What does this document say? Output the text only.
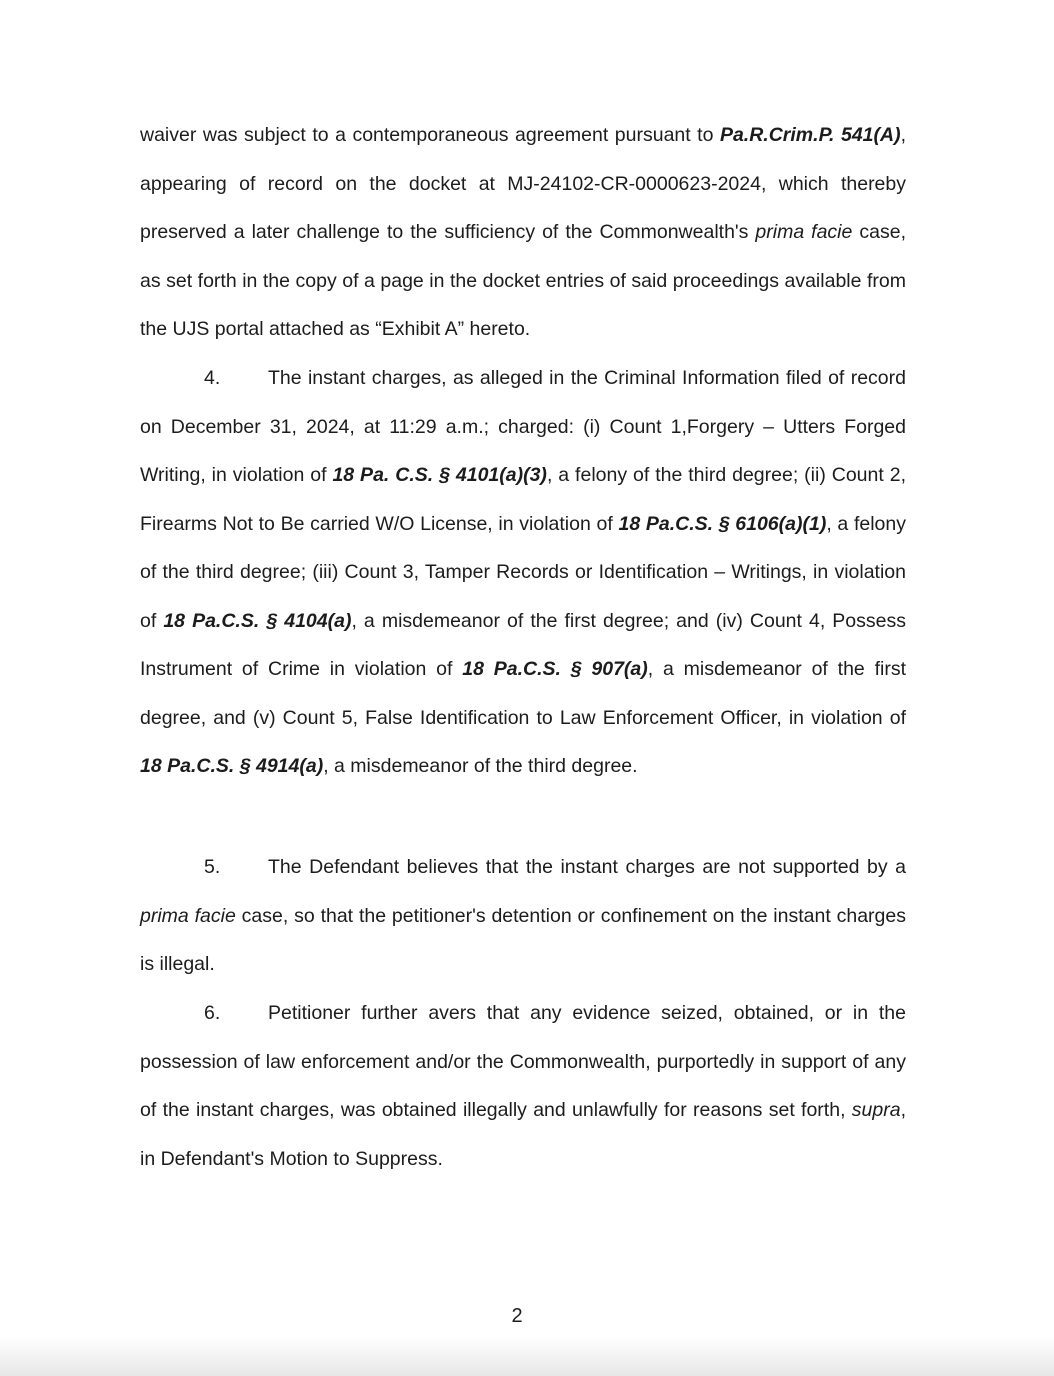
waiver was subject to a contemporaneous agreement pursuant to Pa.R.Crim.P. 541(A), appearing of record on the docket at MJ-24102-CR-0000623-2024, which thereby preserved a later challenge to the sufficiency of the Commonwealth's prima facie case, as set forth in the copy of a page in the docket entries of said proceedings available from the UJS portal attached as “Exhibit A” hereto.

4. The instant charges, as alleged in the Criminal Information filed of record on December 31, 2024, at 11:29 a.m.; charged: (i) Count 1,Forgery – Utters Forged Writing, in violation of 18 Pa. C.S. § 4101(a)(3), a felony of the third degree; (ii) Count 2, Firearms Not to Be carried W/O License, in violation of 18 Pa.C.S. § 6106(a)(1), a felony of the third degree; (iii) Count 3, Tamper Records or Identification – Writings, in violation of 18 Pa.C.S. § 4104(a), a misdemeanor of the first degree; and (iv) Count 4, Possess Instrument of Crime in violation of 18 Pa.C.S. § 907(a), a misdemeanor of the first degree, and (v) Count 5, False Identification to Law Enforcement Officer, in violation of 18 Pa.C.S. § 4914(a), a misdemeanor of the third degree.

5. The Defendant believes that the instant charges are not supported by a prima facie case, so that the petitioner's detention or confinement on the instant charges is illegal.

6. Petitioner further avers that any evidence seized, obtained, or in the possession of law enforcement and/or the Commonwealth, purportedly in support of any of the instant charges, was obtained illegally and unlawfully for reasons set forth, supra, in Defendant's Motion to Suppress.

2
